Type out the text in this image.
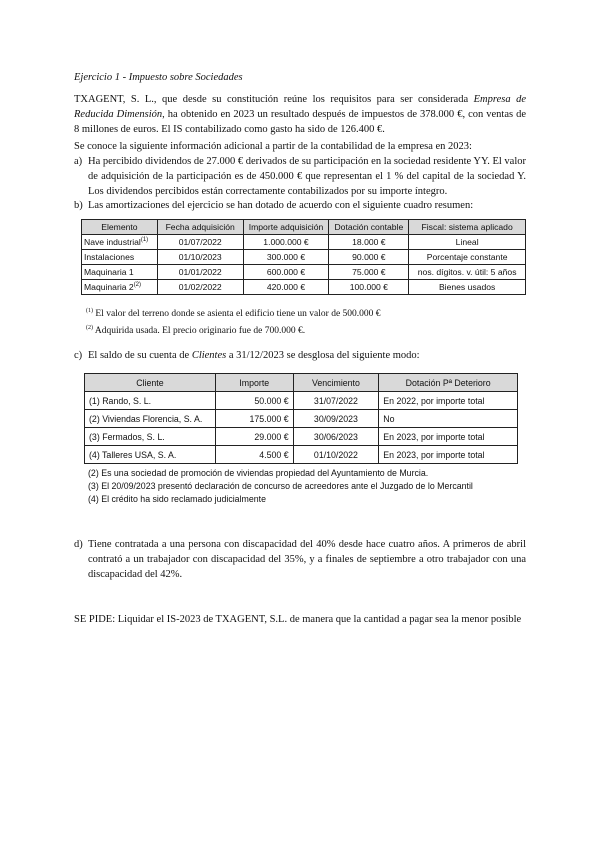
Ejercicio 1 - Impuesto sobre Sociedades
TXAGENT, S. L., que desde su constitución reúne los requisitos para ser considerada Empresa de Reducida Dimensión, ha obtenido en 2023 un resultado después de impuestos de 378.000 €, con ventas de 8 millones de euros. El IS contabilizado como gasto ha sido de 126.400 €.
Se conoce la siguiente información adicional a partir de la contabilidad de la empresa en 2023:
a) Ha percibido dividendos de 27.000 € derivados de su participación en la sociedad residente YY. El valor de adquisición de la participación es de 450.000 € que representan el 1 % del capital de la sociedad Y. Los dividendos percibidos están correctamente contabilizados por su importe íntegro.
b) Las amortizaciones del ejercicio se han dotado de acuerdo con el siguiente cuadro resumen:
Elemento	Fecha adquisición	Importe adquisición	Dotación contable	Fiscal: sistema aplicado
Nave industrial$^{(1)}$	01/07/2022	1.000.000 €	18.000 €	Lineal
Instalaciones	01/10/2023	300.000 €	90.000 €	Porcentaje constante
Maquinaria 1	01/01/2022	600.000 €	75.000 €	nos. dígitos. v. útil: 5 años
Maquinaria 2$^{(2)}$	01/02/2022	420.000 €	100.000 €	Bienes usados
$^{(1)}$ El valor del terreno donde se asienta el edificio tiene un valor de 500.000 €
$^{(2)}$ Adquirida usada. El precio originario fue de 700.000 €.
c) El saldo de su cuenta de Clientes a 31/12/2023 se desglosa del siguiente modo:
Cliente	Importe	Vencimiento	Dotación Pª Deterioro
(1) Rando, S. L.	50.000 €	31/07/2022	En 2022, por importe total
(2) Viviendas Florencia, S. A.	175.000 €	30/09/2023	No
(3) Fermados, S. L.	29.000 €	30/06/2023	En 2023, por importe total
(4) Talleres USA, S. A.	4.500 €	01/10/2022	En 2023, por importe total
(2) Es una sociedad de promoción de viviendas propiedad del Ayuntamiento de Murcia.
(3) El 20/09/2023 presentó declaración de concurso de acreedores ante el Juzgado de lo Mercantil
(4) El crédito ha sido reclamado judicialmente
d) Tiene contratada a una persona con discapacidad del 40% desde hace cuatro años. A primeros de abril contrató a un trabajador con discapacidad del 35%, y a finales de septiembre a otro trabajador con una discapacidad del 42%.
SE PIDE: Liquidar el IS-2023 de TXAGENT, S.L. de manera que la cantidad a pagar sea la menor posible
